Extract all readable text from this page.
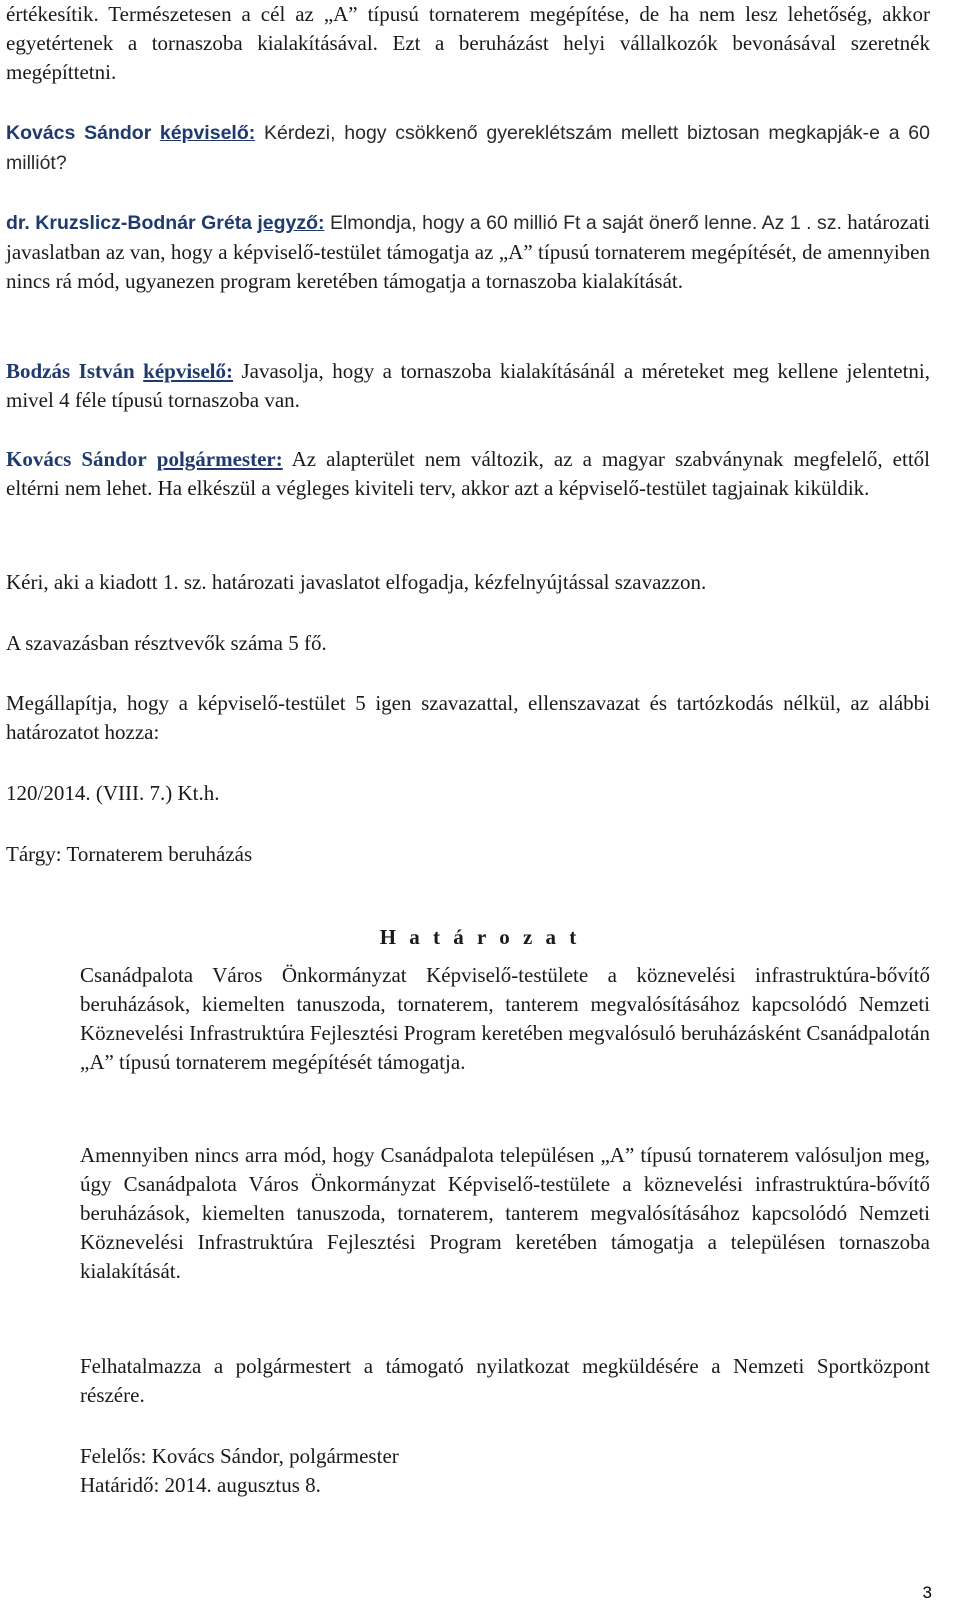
értékesítik. Természetesen a cél az „A” típusú tornaterem megépítése, de ha nem lesz lehetőség, akkor egyetértenek a tornaszoba kialakításával. Ezt a beruházást helyi vállalkozók bevonásával szeretnék megépíttetni.

Kovács Sándor képviselő: Kérdezi, hogy csökkenő gyereklétszám mellett biztosan megkapják-e a 60 milliót?

dr. Kruzslicz-Bodnár Gréta jegyző: Elmondja, hogy a 60 millió Ft a saját önerő lenne. Az 1 . sz. határozati javaslatban az van, hogy a képviselő-testület támogatja az „A” típusú tornaterem megépítését, de amennyiben nincs rá mód, ugyanezen program keretében támogatja a tornaszoba kialakítását.

Bodzás István képviselő: Javasolja, hogy a tornaszoba kialakításánál a méreteket meg kellene jelentetni, mivel 4 féle típusú tornaszoba van.

Kovács Sándor polgármester: Az alapterület nem változik, az a magyar szabványnak megfelelő, ettől eltérni nem lehet. Ha elkészül a végleges kiviteli terv, akkor azt a képviselő-testület tagjainak kiküldik.

Kéri, aki a kiadott 1. sz. határozati javaslatot elfogadja, kézfelnyújtással szavazzon.

A szavazásban résztvevők száma 5 fő.

Megállapítja, hogy a képviselő-testület 5 igen szavazattal, ellenszavazat és tartózkodás nélkül, az alábbi határozatot hozza:

120/2014. (VIII. 7.) Kt.h.

Tárgy: Tornaterem beruházás

H a t á r o z a t

Csanádpalota Város Önkormányzat Képviselő-testülete a köznevelési infrastruktúra-bővítő beruházások, kiemelten tanuszoda, tornaterem, tanterem megvalósításához kapcsolódó Nemzeti Köznevelési Infrastruktúra Fejlesztési Program keretében megvalósuló beruházásként Csanádpalotán „A” típusú tornaterem megépítését támogatja.

Amennyiben nincs arra mód, hogy Csanádpalota településen „A” típusú tornaterem valósuljon meg, úgy Csanádpalota Város Önkormányzat Képviselő-testülete a köznevelési infrastruktúra-bővítő beruházások, kiemelten tanuszoda, tornaterem, tanterem megvalósításához kapcsolódó Nemzeti Köznevelési Infrastruktúra Fejlesztési Program keretében támogatja a településen tornaszoba kialakítását.

Felhatalmazza a polgármestert a támogató nyilatkozat megküldésére a Nemzeti Sportközpont részére.

Felelős: Kovács Sándor, polgármester

Határidő: 2014. augusztus 8.

3
